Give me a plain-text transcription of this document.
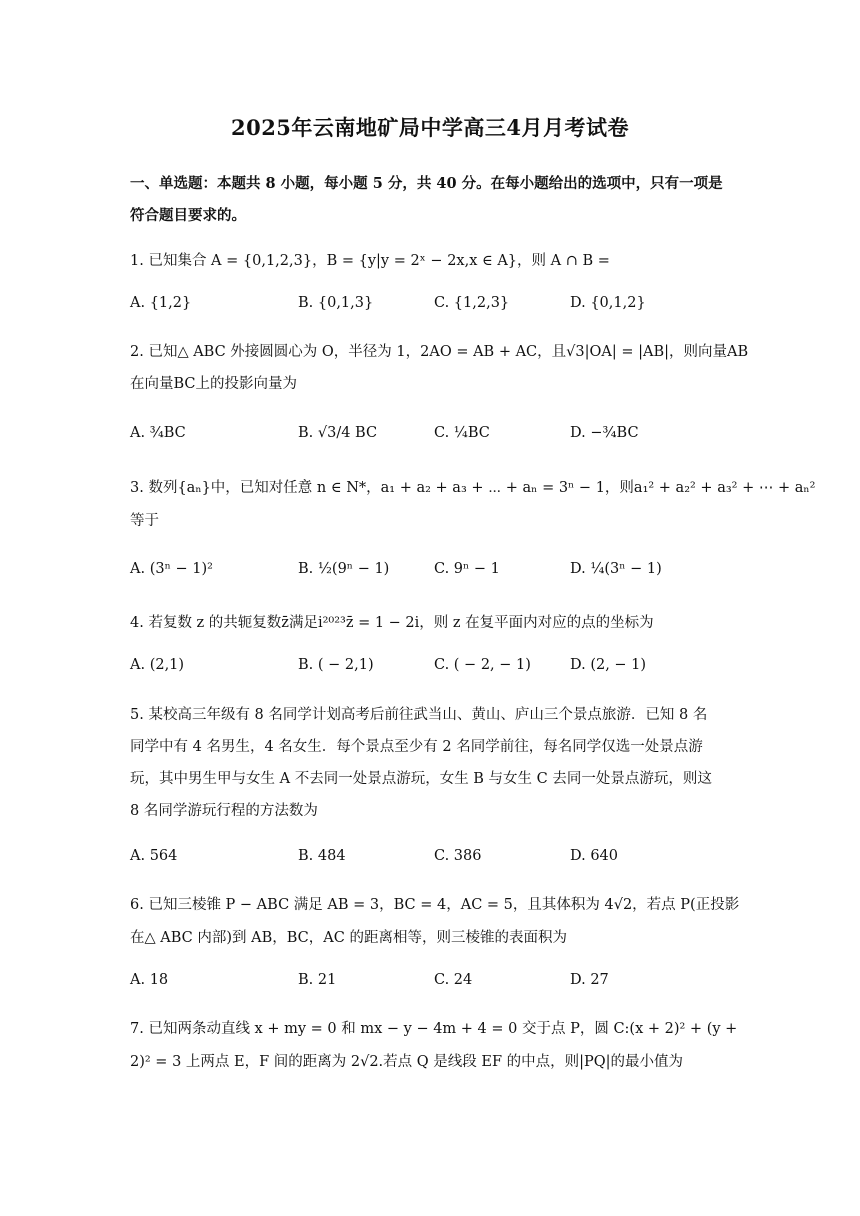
2025年云南地矿局中学高三4月月考试卷
一、单选题：本题共 8 小题，每小题 5 分，共 40 分。在每小题给出的选项中，只有一项是
符合题目要求的。
1. 已知集合 A = {0,1,2,3}，B = {y|y = 2ˣ − 2x,x ∈ A}，则 A ∩ B =
A. {1,2}	B. {0,1,3}	C. {1,2,3}	D. {0,1,2}
2. 已知△ ABC 外接圆圆心为 O，半径为 1，2AO = AB + AC，且√3|OA| = |AB|，则向量AB
在向量BC上的投影向量为
A. ¾BC	B. √3/4 BC	C. ¼BC	D. −¾BC
3. 数列{aₙ}中，已知对任意 n ∈ N*，a₁ + a₂ + a₃ + ⋯ + aₙ = 3ⁿ − 1，则a₁² + a₂² + a₃² + ⋯ + aₙ²
等于
A. (3ⁿ − 1)²	B. ½(9ⁿ − 1)	C. 9ⁿ − 1	D. ¼(3ⁿ − 1)
4. 若复数 z 的共轭复数z̄满足i²⁰²³z̄ = 1 − 2i，则 z 在复平面内对应的点的坐标为
A. (2,1)	B. ( − 2,1)	C. ( − 2, − 1)	D. (2, − 1)
5. 某校高三年级有 8 名同学计划高考后前往武当山、黄山、庐山三个景点旅游．已知 8 名
同学中有 4 名男生，4 名女生．每个景点至少有 2 名同学前往，每名同学仅选一处景点游
玩，其中男生甲与女生 A 不去同一处景点游玩，女生 B 与女生 C 去同一处景点游玩，则这
8 名同学游玩行程的方法数为
A. 564	B. 484	C. 386	D. 640
6. 已知三棱锥 P − ABC 满足 AB = 3，BC = 4，AC = 5，且其体积为 4√2，若点 P(正投影
在△ ABC 内部)到 AB，BC，AC 的距离相等，则三棱锥的表面积为
A. 18	B. 21	C. 24	D. 27
7. 已知两条动直线 x + my = 0 和 mx − y − 4m + 4 = 0 交于点 P，圆 C:(x + 2)² + (y +
2)² = 3 上两点 E，F 间的距离为 2√2.若点 Q 是线段 EF 的中点，则|PQ|的最小值为
